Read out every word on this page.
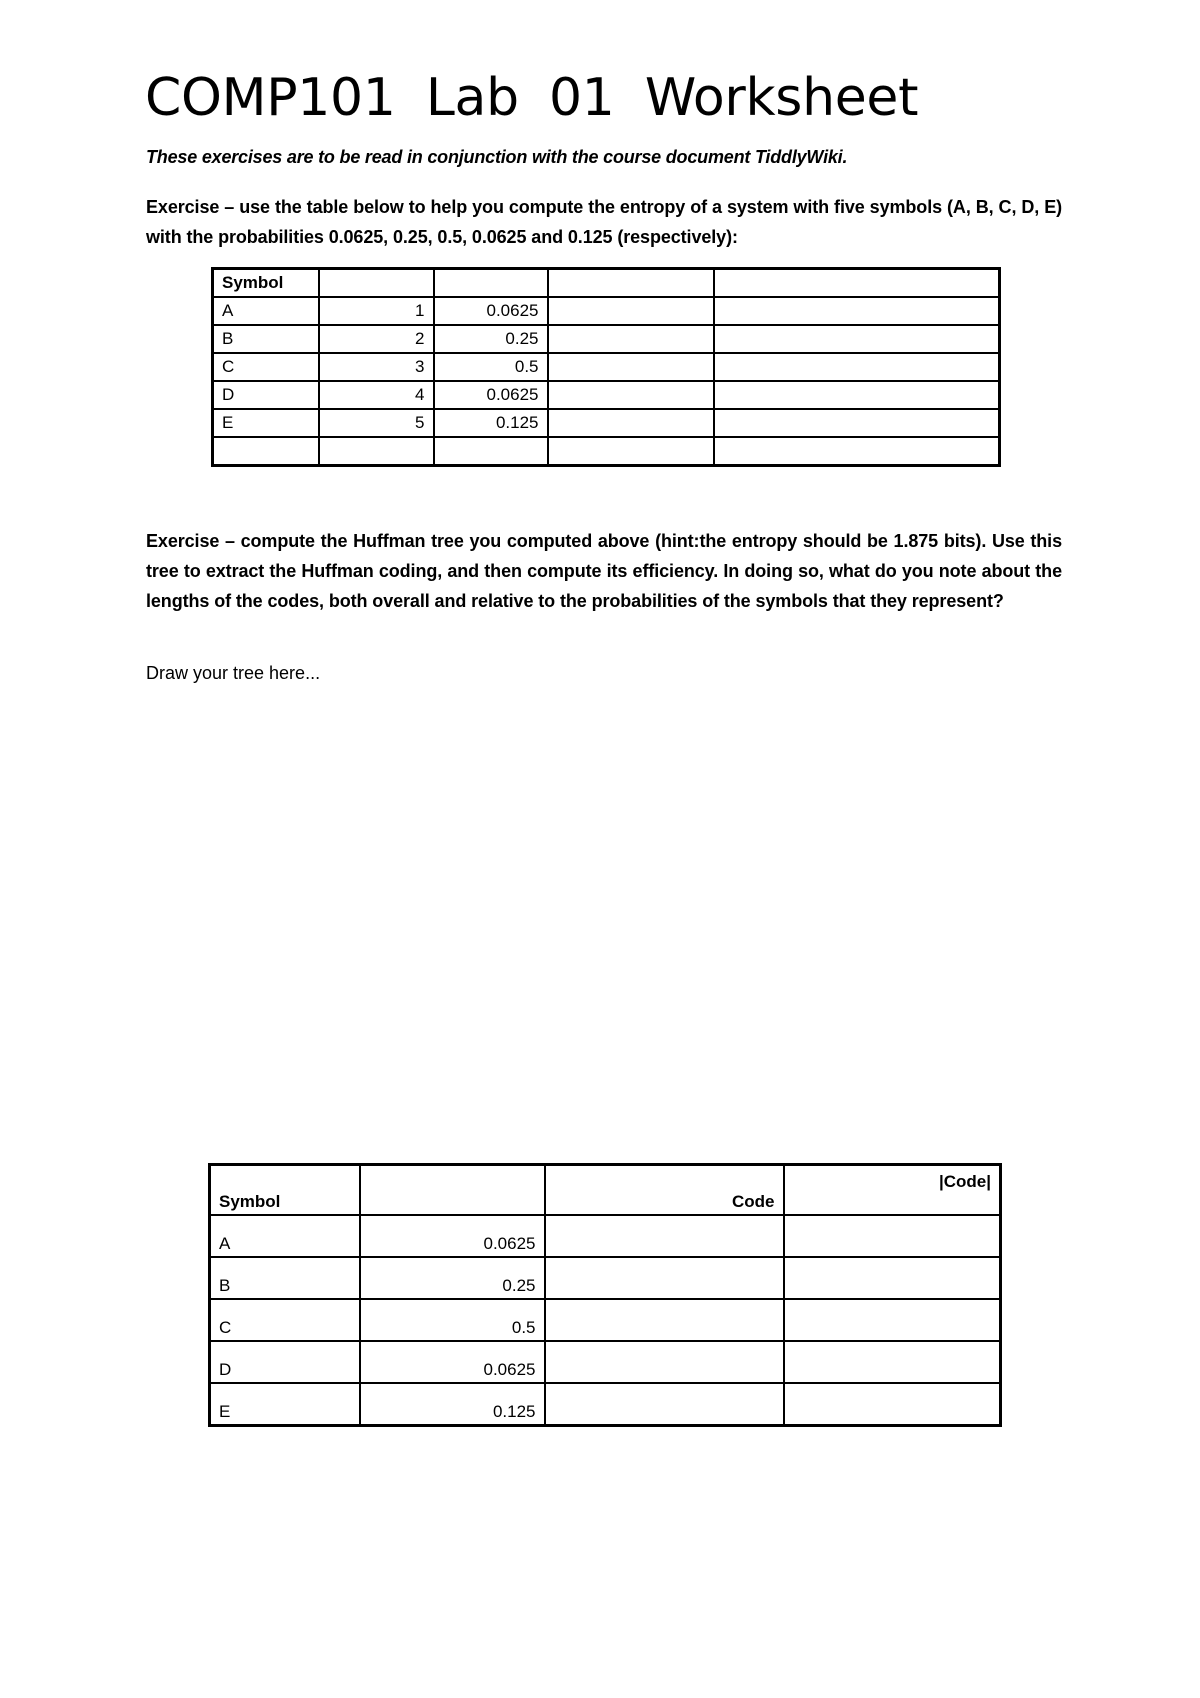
COMP101 Lab 01 Worksheet

These exercises are to be read in conjunction with the course document TiddlyWiki.

Exercise – use the table below to help you compute the entropy of a system with five symbols (A, B, C, D, E) with the probabilities 0.0625, 0.25, 0.5, 0.0625 and 0.125 (respectively):

Symbol				
A	1	0.0625		
B	2	0.25		
C	3	0.5		
D	4	0.0625		
E	5	0.125		

Exercise – compute the Huffman tree you computed above (hint:the entropy should be 1.875 bits). Use this tree to extract the Huffman coding, and then compute its efficiency. In doing so, what do you note about the lengths of the codes, both overall and relative to the probabilities of the symbols that they represent?

Draw your tree here...

Symbol		Code	|Code|
A	0.0625		
B	0.25		
C	0.5		
D	0.0625		
E	0.125		
